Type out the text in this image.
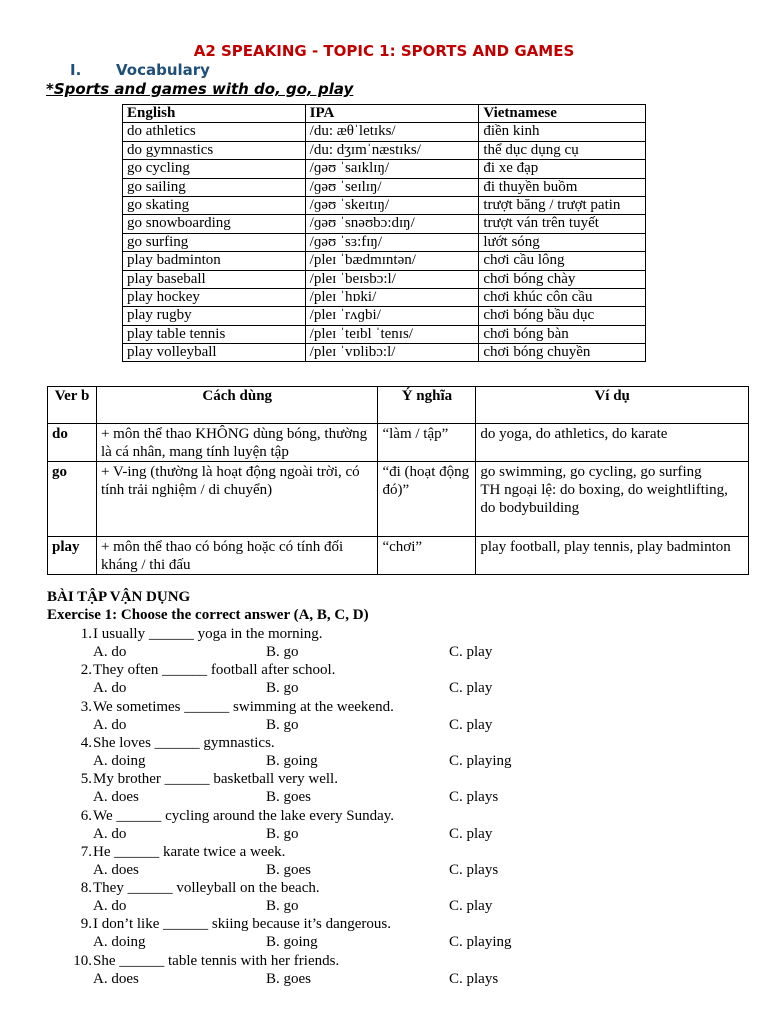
A2 SPEAKING - TOPIC 1: SPORTS AND GAMES
I. Vocabulary
*Sports and games with do, go, play
English	IPA	Vietnamese
do athletics	/du: æθˈletɪks/	điền kinh
do gymnastics	/du: dʒɪmˈnæstɪks/	thể dục dụng cụ
go cycling	/ɡəʊ ˈsaɪklɪŋ/	đi xe đạp
go sailing	/ɡəʊ ˈseɪlɪŋ/	đi thuyền buồm
go skating	/ɡəʊ ˈskeɪtɪŋ/	trượt băng / trượt patin
go snowboarding	/ɡəʊ ˈsnəʊbɔ:dɪŋ/	trượt ván trên tuyết
go surfing	/ɡəʊ ˈsɜ:fɪŋ/	lướt sóng
play badminton	/pleɪ ˈbædmɪntən/	chơi cầu lông
play baseball	/pleɪ ˈbeɪsbɔ:l/	chơi bóng chày
play hockey	/pleɪ ˈhɒki/	chơi khúc côn cầu
play rugby	/pleɪ ˈrʌɡbi/	chơi bóng bầu dục
play table tennis	/pleɪ ˈteɪbl ˈtenɪs/	chơi bóng bàn
play volleyball	/pleɪ ˈvɒlibɔ:l/	chơi bóng chuyền
Ver b	Cách dùng	Ý nghĩa	Ví dụ
do	+ môn thể thao KHÔNG dùng bóng, thường là cá nhân, mang tính luyện tập	“làm / tập”	do yoga, do athletics, do karate

go	+ V-ing (thường là hoạt động ngoài trời, có tính trải nghiệm / di chuyển)	“đi (hoạt động đó)”	go swimming, go cycling, go surfing
TH ngoại lệ: do boxing, do weightlifting, do bodybuilding

play	+ môn thể thao có bóng hoặc có tính đối kháng / thi đấu	“chơi”	play football, play tennis, play badminton
BÀI TẬP VẬN DỤNG
Exercise 1: Choose the correct answer (A, B, C, D)
1.I usually ______ yoga in the morning.
A. do	B. go	C. play
2.They often ______ football after school.
A. do	B. go	C. play
3.We sometimes ______ swimming at the weekend.
A. do	B. go	C. play
4.She loves ______ gymnastics.
A. doing	B. going	C. playing
5.My brother ______ basketball very well.
A. does	B. goes	C. plays
6.We ______ cycling around the lake every Sunday.
A. do	B. go	C. play
7.He ______ karate twice a week.
A. does	B. goes	C. plays
8.They ______ volleyball on the beach.
A. do	B. go	C. play
9.I don’t like ______ skiing because it’s dangerous.
A. doing	B. going	C. playing
10.She ______ table tennis with her friends.
A. does	B. goes	C. plays
